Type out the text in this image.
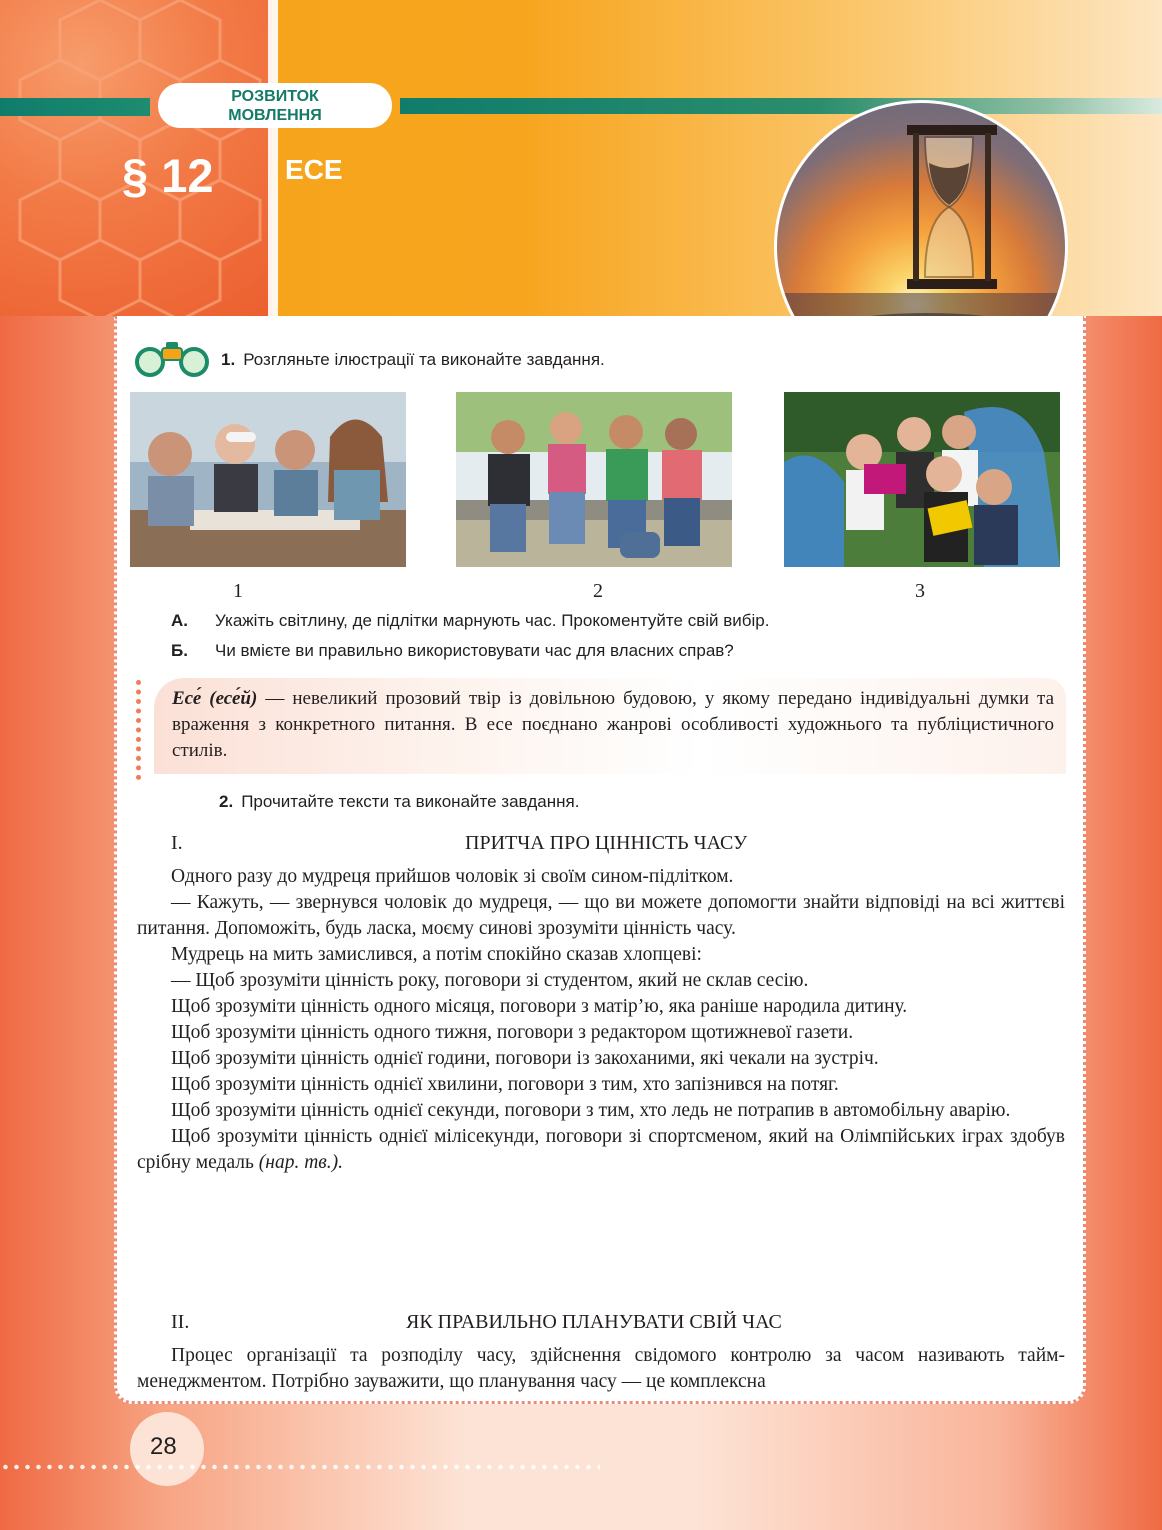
РОЗВИТОК
МОВЛЕННЯ
§ 12	ЕСЕ
1. Розгляньте ілюстрації та виконайте завдання.
1	2	3
А. Укажіть світлину, де підлітки марнують час. Прокоментуйте свій вибір.
Б. Чи вмієте ви правильно використовувати час для власних справ?
Есе́ (есе́й) — невеликий прозовий твір із довільною будовою, у якому передано індивідуальні думки та враження з конкретного питання. В есе поєднано жанрові особливості художнього та публіцистичного стилів.
2. Прочитайте тексти та виконайте завдання.
I.	ПРИТЧА ПРО ЦІННІСТЬ ЧАСУ

Одного разу до мудреця прийшов чоловік зі своїм сином-підлітком.

— Кажуть, — звернувся чоловік до мудреця, — що ви можете допомогти знайти відповіді на всі життєві питання. Допоможіть, будь ласка, моєму синові зрозуміти цінність часу.

Мудрець на мить замислився, а потім спокійно сказав хлопцеві:

— Щоб зрозуміти цінність року, поговори зі студентом, який не склав сесію.

Щоб зрозуміти цінність одного місяця, поговори з матір’ю, яка раніше народила дитину.

Щоб зрозуміти цінність одного тижня, поговори з редактором щотижневої газети.

Щоб зрозуміти цінність однієї години, поговори із закоханими, які чекали на зустріч.

Щоб зрозуміти цінність однієї хвилини, поговори з тим, хто запізнився на потяг.

Щоб зрозуміти цінність однієї секунди, поговори з тим, хто ледь не потрапив в автомобільну аварію.

Щоб зрозуміти цінність однієї мілісекунди, поговори зі спортсменом, який на Олімпійських іграх здобув срібну медаль (нар. тв.).

II.	ЯК ПРАВИЛЬНО ПЛАНУВАТИ СВІЙ ЧАС

Процес організації та розподілу часу, здійснення свідомого контролю за часом називають таймменеджментом. Потрібно зауважити, що планування часу — це комплексна

28
